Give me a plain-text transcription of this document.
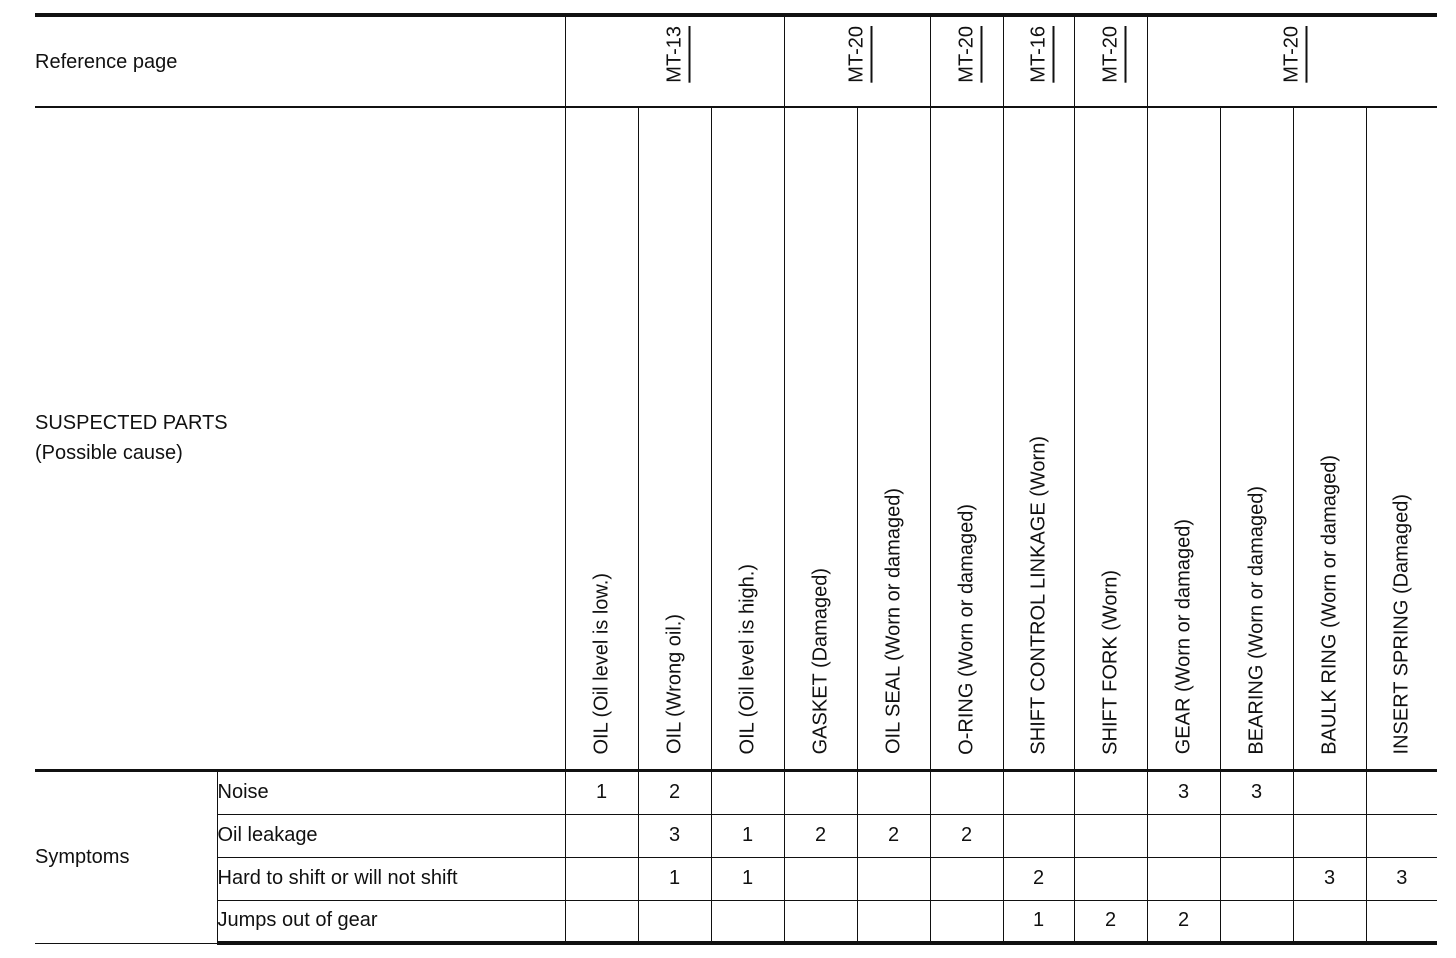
Reference page		MT-13			MT-20		MT-20	MT-16	MT-20	MT-20			

SUSPECTED PARTS
(Possible cause)		OIL (Oil level is low.)	OIL (Wrong oil.)	OIL (Oil level is high.)	GASKET (Damaged)	OIL SEAL (Worn or damaged)	O-RING (Worn or damaged)	SHIFT CONTROL LINKAGE (Worn)	SHIFT FORK (Worn)	GEAR (Worn or damaged)	BEARING (Worn or damaged)	BAULK RING (Worn or damaged)	INSERT SPRING (Damaged)

Symptoms	Noise	1	2							3	3		
	Oil leakage		3	1	2	2	2						
	Hard to shift or will not shift		1	1				2				3	3
	Jumps out of gear							1	2	2			
